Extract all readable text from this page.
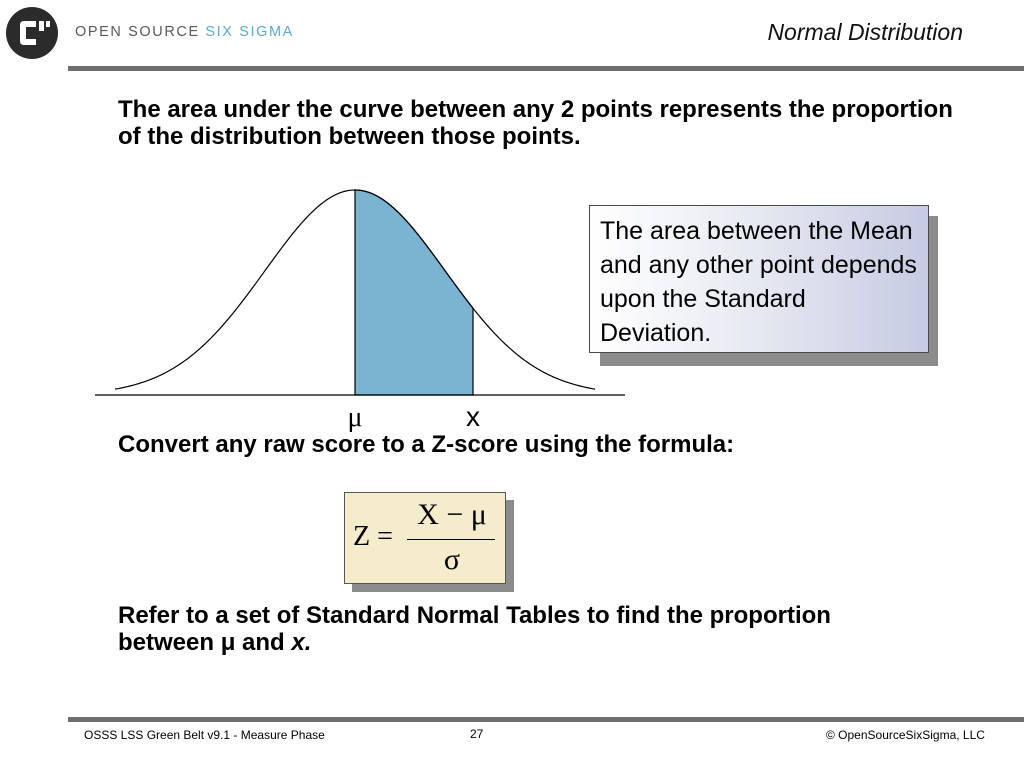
OPEN SOURCE SIX SIGMA	Normal Distribution
The area under the curve between any 2 points represents the proportion of the distribution between those points.
μ	x
The area between the Mean and any other point depends upon the Standard Deviation.
Convert any raw score to a Z-score using the formula:
Z =
X − μ
σ
Refer to a set of Standard Normal Tables to find the proportion between μ and x.
OSSS LSS Green Belt v9.1 - Measure Phase	27	© OpenSourceSixSigma, LLC
